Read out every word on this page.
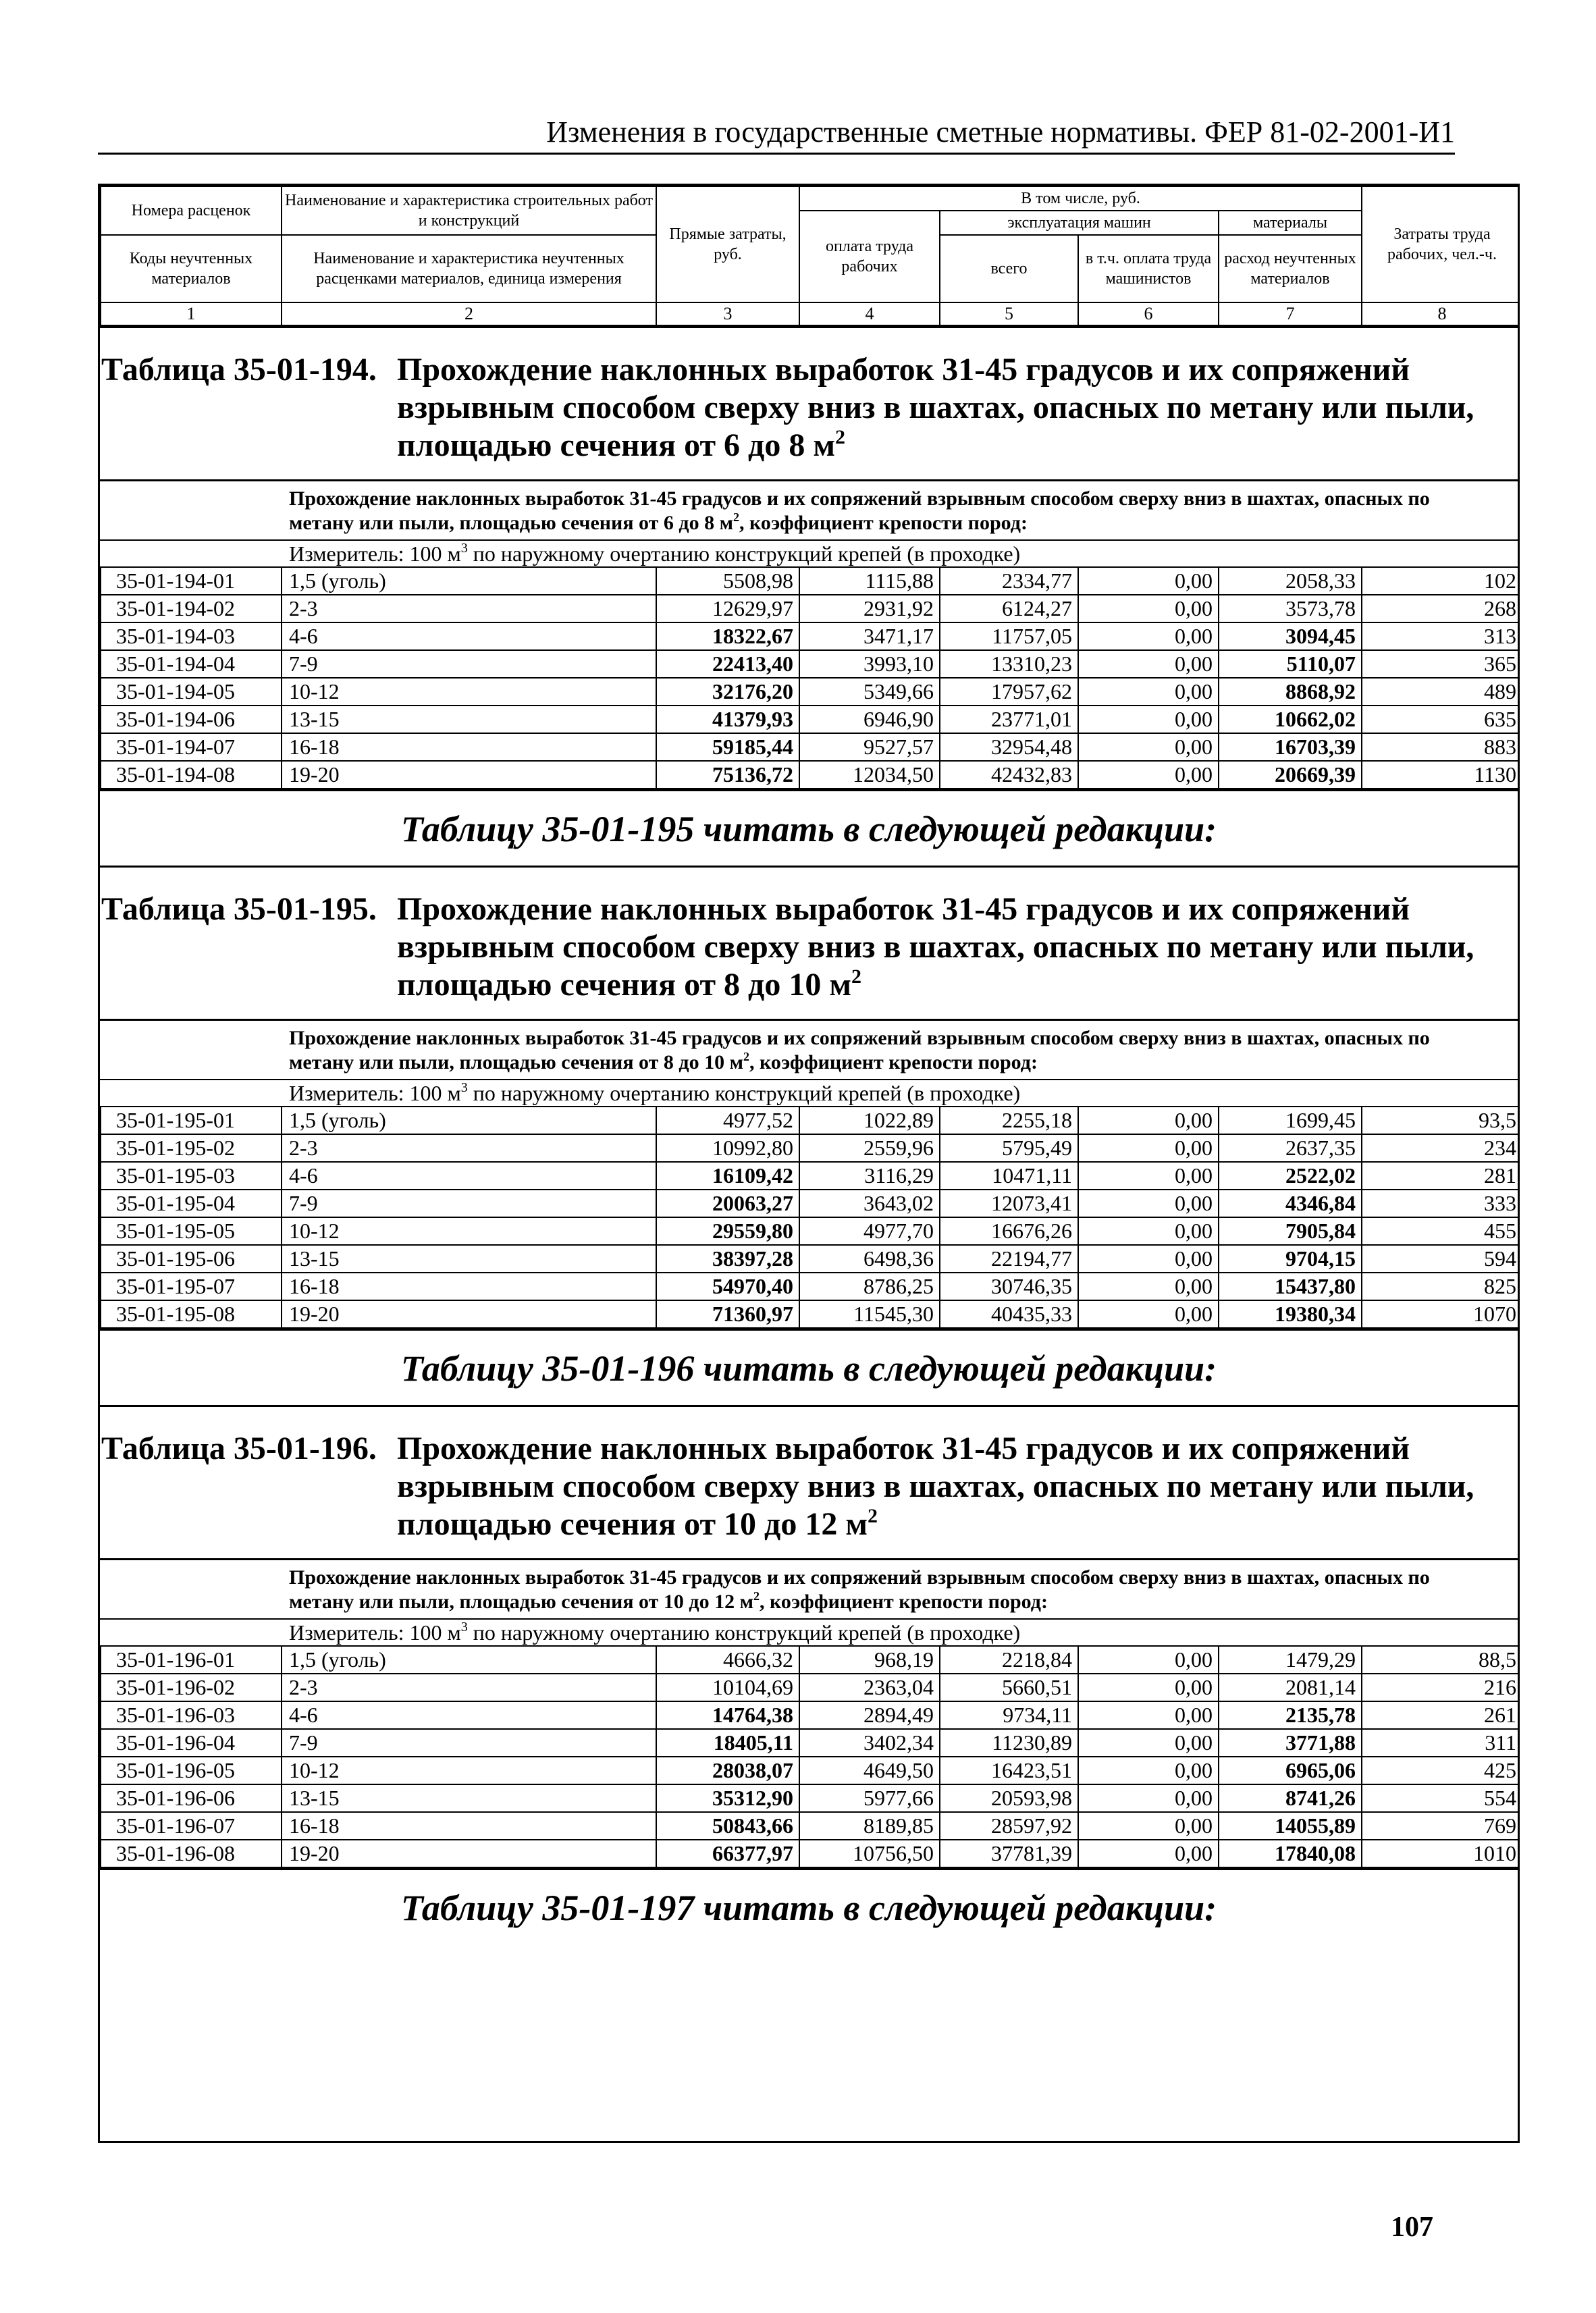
Изменения в государственные сметные нормативы. ФЕР 81-02-2001-И1
Номера расценок	Наименование и характеристика строительных работ и конструкций	Прямые затраты, руб.	В том числе, руб.				Затраты труда рабочих, чел.-ч.
			оплата труда рабочих	эксплуатация машин		материалы	
Коды неучтенных материалов	Наименование и характеристика неучтенных расценками материалов, единица измерения			всего	в т.ч. оплата труда машинистов	расход неучтенных материалов	

1	2	3	4	5	6	7	8
Таблица 35-01-194. Прохождение наклонных выработок 31-45 градусов и их сопряжений взрывным способом сверху вниз в шахтах, опасных по метану или пыли, площадью сечения от 6 до 8 $м^2$
Прохождение наклонных выработок 31-45 градусов и их сопряжений взрывным способом сверху вниз в шахтах, опасных по метану или пыли, площадью сечения от 6 до 8 $м^2$, коэффициент крепости пород:
Измеритель: 100 $м^3$ по наружному очертанию конструкций крепей (в проходке)
35-01-194-01	1,5 (уголь)	5508,98	1115,88	2334,77	0,00	2058,33	102
35-01-194-02	2-3	12629,97	2931,92	6124,27	0,00	3573,78	268
35-01-194-03	4-6	18322,67	3471,17	11757,05	0,00	3094,45	313
35-01-194-04	7-9	22413,40	3993,10	13310,23	0,00	5110,07	365
35-01-194-05	10-12	32176,20	5349,66	17957,62	0,00	8868,92	489
35-01-194-06	13-15	41379,93	6946,90	23771,01	0,00	10662,02	635
35-01-194-07	16-18	59185,44	9527,57	32954,48	0,00	16703,39	883
35-01-194-08	19-20	75136,72	12034,50	42432,83	0,00	20669,39	1130
Таблицу 35-01-195 читать в следующей редакции:
Таблица 35-01-195. Прохождение наклонных выработок 31-45 градусов и их сопряжений взрывным способом сверху вниз в шахтах, опасных по метану или пыли, площадью сечения от 8 до 10 $м^2$
Прохождение наклонных выработок 31-45 градусов и их сопряжений взрывным способом сверху вниз в шахтах, опасных по метану или пыли, площадью сечения от 8 до 10 $м^2$, коэффициент крепости пород:
Измеритель: 100 $м^3$ по наружному очертанию конструкций крепей (в проходке)
35-01-195-01	1,5 (уголь)	4977,52	1022,89	2255,18	0,00	1699,45	93,5
35-01-195-02	2-3	10992,80	2559,96	5795,49	0,00	2637,35	234
35-01-195-03	4-6	16109,42	3116,29	10471,11	0,00	2522,02	281
35-01-195-04	7-9	20063,27	3643,02	12073,41	0,00	4346,84	333
35-01-195-05	10-12	29559,80	4977,70	16676,26	0,00	7905,84	455
35-01-195-06	13-15	38397,28	6498,36	22194,77	0,00	9704,15	594
35-01-195-07	16-18	54970,40	8786,25	30746,35	0,00	15437,80	825
35-01-195-08	19-20	71360,97	11545,30	40435,33	0,00	19380,34	1070
Таблицу 35-01-196 читать в следующей редакции:
Таблица 35-01-196. Прохождение наклонных выработок 31-45 градусов и их сопряжений взрывным способом сверху вниз в шахтах, опасных по метану или пыли, площадью сечения от 10 до 12 $м^2$
Прохождение наклонных выработок 31-45 градусов и их сопряжений взрывным способом сверху вниз в шахтах, опасных по метану или пыли, площадью сечения от 10 до 12 $м^2$, коэффициент крепости пород:
Измеритель: 100 $м^3$ по наружному очертанию конструкций крепей (в проходке)
35-01-196-01	1,5 (уголь)	4666,32	968,19	2218,84	0,00	1479,29	88,5
35-01-196-02	2-3	10104,69	2363,04	5660,51	0,00	2081,14	216
35-01-196-03	4-6	14764,38	2894,49	9734,11	0,00	2135,78	261
35-01-196-04	7-9	18405,11	3402,34	11230,89	0,00	3771,88	311
35-01-196-05	10-12	28038,07	4649,50	16423,51	0,00	6965,06	425
35-01-196-06	13-15	35312,90	5977,66	20593,98	0,00	8741,26	554
35-01-196-07	16-18	50843,66	8189,85	28597,92	0,00	14055,89	769
35-01-196-08	19-20	66377,97	10756,50	37781,39	0,00	17840,08	1010
Таблицу 35-01-197 читать в следующей редакции:
107
